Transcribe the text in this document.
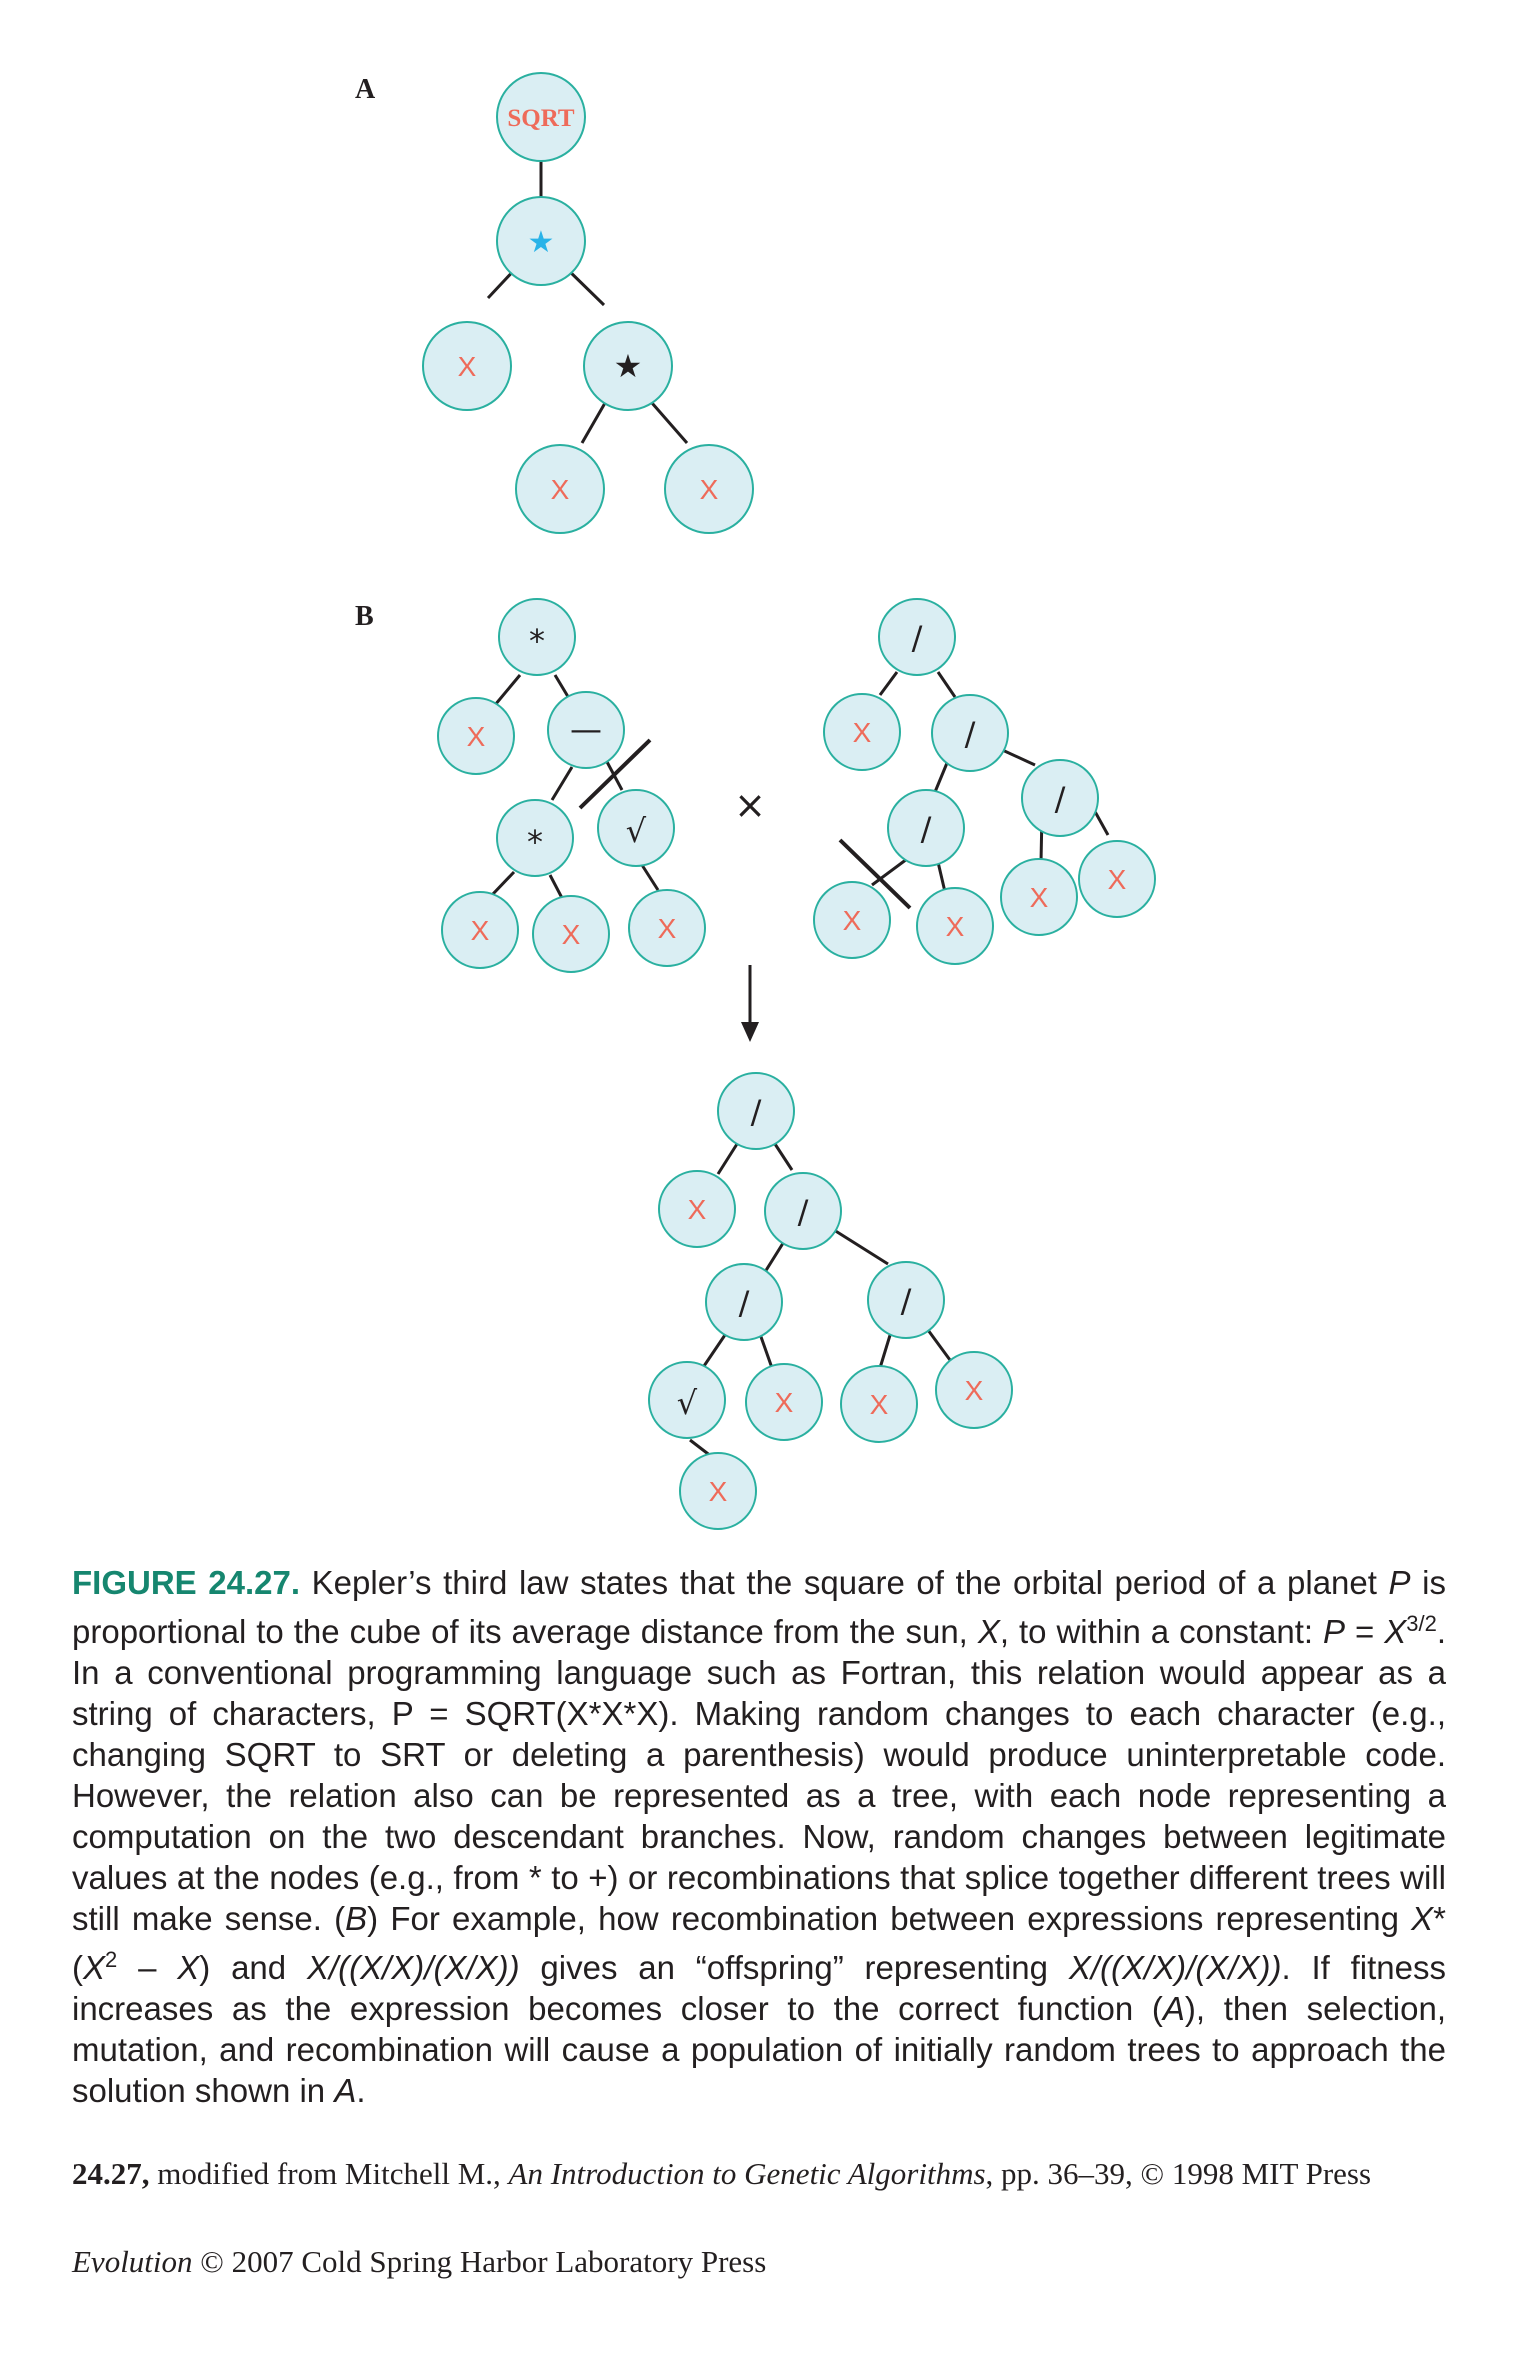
A
SQRT
★
X	★
X	X
B
*
X	—
*	√
X	X	X
×
/
X	/
/
/
X	X
X
X
/
X	/
/	/
√	X	X	X
X
FIGURE 24.27. Kepler’s third law states that the square of the orbital period of a planet P is proportional to the cube of its average distance from the sun, X, to within a constant: $P = X^{3/2}$. In a conventional programming language such as Fortran, this relation would appear as a string of characters, P = SQRT(X*X*X). Making random changes to each character (e.g., changing SQRT to SRT or deleting a parenthesis) would produce uninterpretable code. However, the relation also can be represented as a tree, with each node representing a computation on the two descendant branches. Now, random changes between legitimate values at the nodes (e.g., from * to +) or recombinations that splice together different trees will still make sense. (B) For example, how recombination between expressions representing $X*(X^2 - X)$ and X/((X/X)/(X/X)) gives an “offspring” representing X/((X/X)/(X/X)). If fitness increases as the expression becomes closer to the correct function (A), then selection, mutation, and recombination will cause a population of initially random trees to approach the solution shown in A.
24.27, modified from Mitchell M., An Introduction to Genetic Algorithms, pp. 36–39, © 1998 MIT Press
Evolution © 2007 Cold Spring Harbor Laboratory Press
